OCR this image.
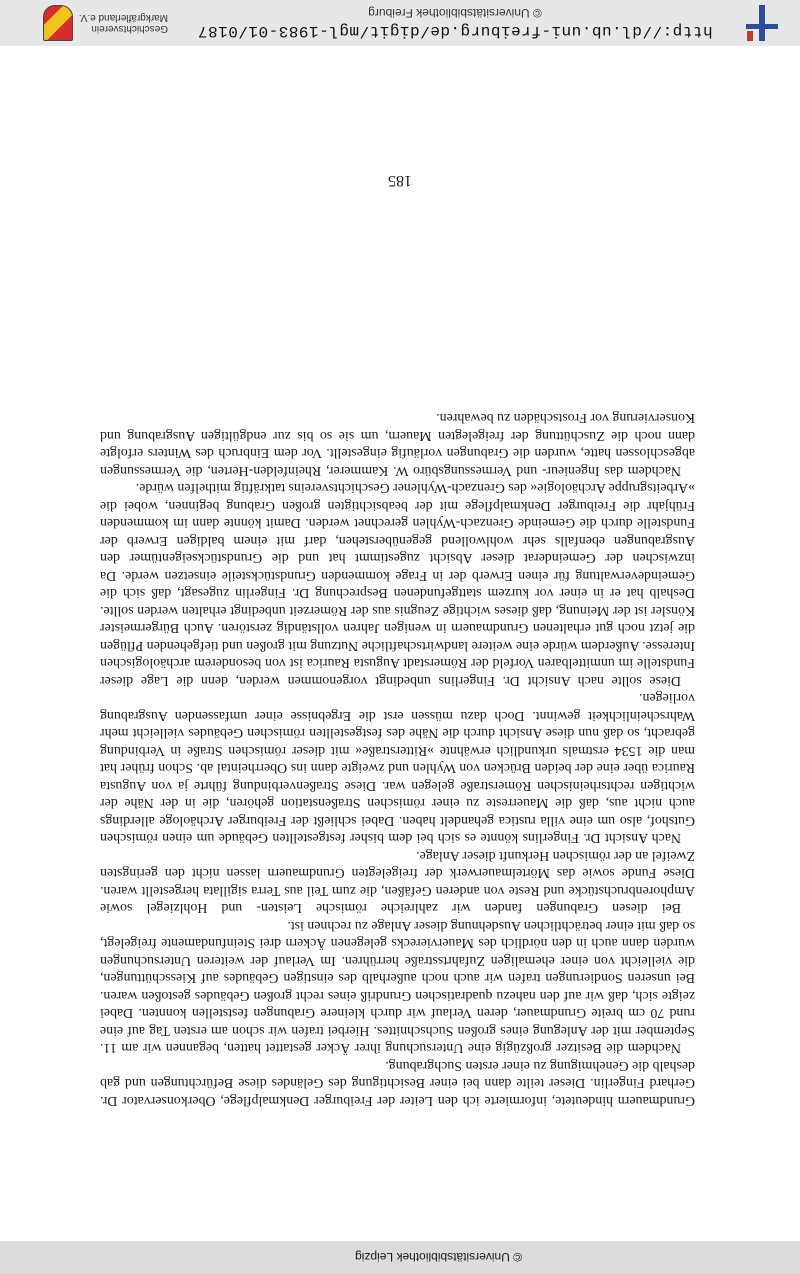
© Universitätsbibliothek Leipzig

Grundmauern hindeutete, informierte ich den Leiter der Freiburger Denkmalpflege, Oberkonservator Dr. Gerhard Fingerlin. Dieser teilte dann bei einer Besichtigung des Geländes diese Befürchtungen und gab deshalb die Genehmigung zu einer ersten Suchgrabung.

Nachdem die Besitzer großzügig eine Untersuchung ihrer Äcker gestattet hatten, begannen wir am 11. September mit der Anlegung eines großen Suchschnittes. Hierbei trafen wir schon am ersten Tag auf eine rund 70 cm breite Grundmauer, deren Verlauf wir durch kleinere Grabungen feststellen konnten. Dabei zeigte sich, daß wir auf den nahezu quadratischen Grundriß eines recht großen Gebäudes gestoßen waren. Bei unseren Sondierungen trafen wir auch noch außerhalb des einstigen Gebäudes auf Kiesschüttungen, die vielleicht von einer ehemaligen Zufahrtsstraße herrühren. Im Verlauf der weiteren Untersuchungen wurden dann auch in den nördlich des Mauervierecks gelegenen Äckern drei Steinfundamente freigelegt, so daß mit einer beträchtlichen Ausdehnung dieser Anlage zu rechnen ist.

Bei diesen Grabungen fanden wir zahlreiche römische Leisten- und Hohlziegel sowie Amphorenbruchstücke und Reste von anderen Gefäßen, die zum Teil aus Terra sigillata hergestellt waren. Diese Funde sowie das Mörtelmauerwerk der freigelegten Grundmauern lassen nicht den geringsten Zweifel an der römischen Herkunft dieser Anlage.

Nach Ansicht Dr. Fingerlins könnte es sich bei dem bisher festgestellten Gebäude um einen römischen Gutshof, also um eine villa rustica gehandelt haben. Dabei schließt der Freiburger Archäologe allerdings auch nicht aus, daß die Mauerreste zu einer römischen Straßenstation gehören, die in der Nähe der wichtigen rechtsrheinischen Römerstraße gelegen war. Diese Straßenverbindung führte ja von Augusta Raurica über eine der beiden Brücken von Wyhlen und zweigte dann ins Oberrheintal ab. Schon früher hat man die 1534 erstmals urkundlich erwähnte »Ritterstraße« mit dieser römischen Straße in Verbindung gebracht, so daß nun diese Ansicht durch die Nähe des festgestellten römischen Gebäudes vielleicht mehr Wahrscheinlichkeit gewinnt. Doch dazu müssen erst die Ergebnisse einer umfassenden Ausgrabung vorliegen.

Diese sollte nach Ansicht Dr. Fingerlins unbedingt vorgenommen werden, denn die Lage dieser Fundstelle im unmittelbaren Vorfeld der Römerstadt Augusta Raurica ist von besonderem archäologischen Interesse. Außerdem würde eine weitere landwirtschaftliche Nutzung mit großen und tiefgehenden Pflügen die jetzt noch gut erhaltenen Grundmauern in wenigen Jahren vollständig zerstören. Auch Bürgermeister Könsler ist der Meinung, daß dieses wichtige Zeugnis aus der Römerzeit unbedingt erhalten werden sollte. Deshalb hat er in einer vor kurzem stattgefundenen Besprechung Dr. Fingerlin zugesagt, daß sich die Gemeindeverwaltung für einen Erwerb der in Frage kommenden Grundstücksteile einsetzen werde. Da inzwischen der Gemeinderat dieser Absicht zugestimmt hat und die Grundstückseigentümer den Ausgrabungen ebenfalls sehr wohlwollend gegenüberstehen, darf mit einem baldigen Erwerb der Fundstelle durch die Gemeinde Grenzach-Wyhlen gerechnet werden. Damit könnte dann im kommenden Frühjahr die Freiburger Denkmalpflege mit der beabsichtigten großen Grabung beginnen, wobei die »Arbeitsgruppe Archäologie« des Grenzach-Wyhlener Geschichtsvereins tatkräftig mithelfen würde.

Nachdem das Ingenieur- und Vermessungsbüro W. Kammerer, Rheinfelden-Herten, die Vermessungen abgeschlossen hatte, wurden die Grabungen vorläufig eingestellt. Vor dem Einbruch des Winters erfolgte dann noch die Zuschüttung der freigelegten Mauern, um sie so bis zur endgültigen Ausgrabung und Konservierung vor Frostschäden zu bewahren.

185
http://dl.ub.uni-freiburg.de/digit/mgl-1983-01/0187
© Universitätsbibliothek Freiburg
Geschichtsverein
Markgräflerland e.V.
